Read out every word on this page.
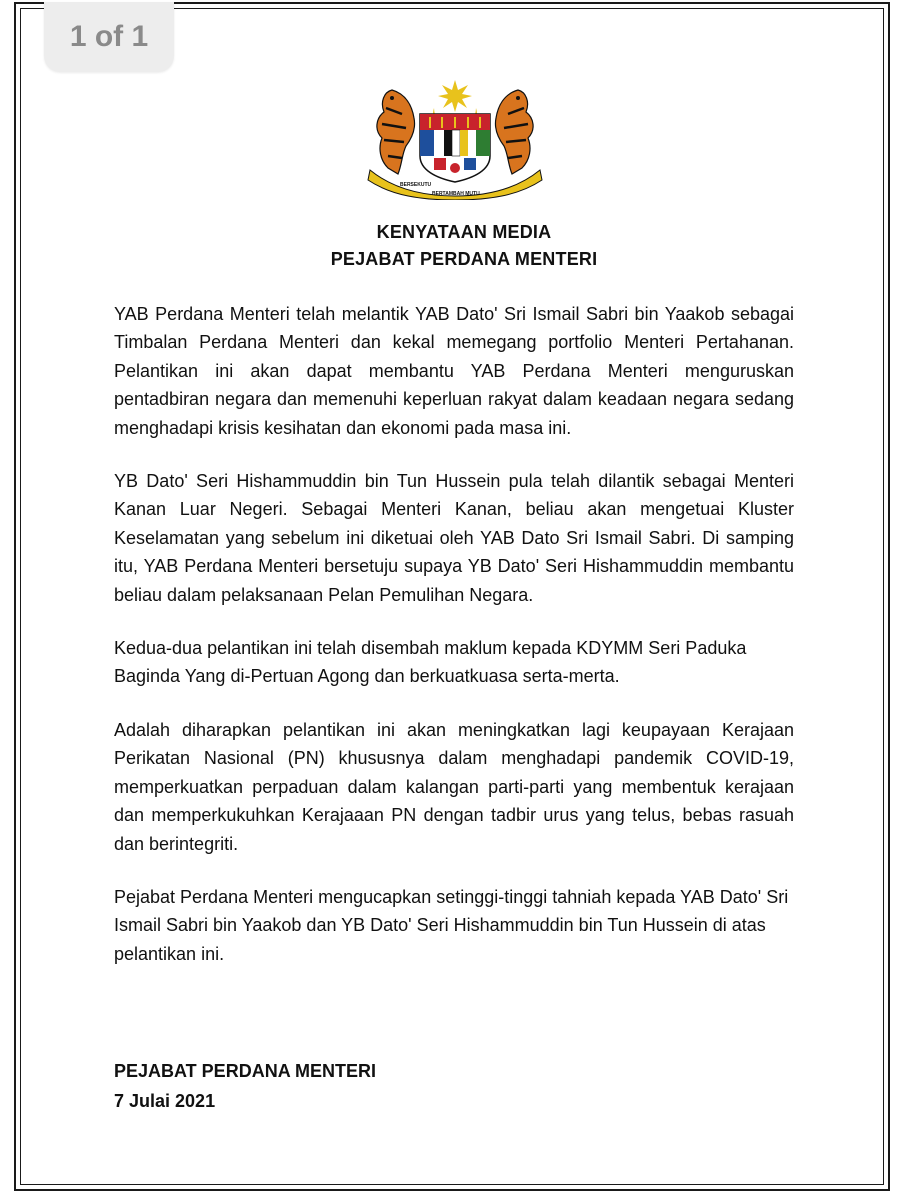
1 of 1
BERSEKUTU
BERTAMBAH MUTU
KENYATAAN MEDIA
PEJABAT PERDANA MENTERI

YAB Perdana Menteri telah melantik YAB Dato' Sri Ismail Sabri bin Yaakob sebagai Timbalan Perdana Menteri dan kekal memegang portfolio Menteri Pertahanan. Pelantikan ini akan dapat membantu YAB Perdana Menteri menguruskan pentadbiran negara dan memenuhi keperluan rakyat dalam keadaan negara sedang menghadapi krisis kesihatan dan ekonomi pada masa ini.

YB Dato' Seri Hishammuddin bin Tun Hussein pula telah dilantik sebagai Menteri Kanan Luar Negeri. Sebagai Menteri Kanan, beliau akan mengetuai Kluster Keselamatan yang sebelum ini diketuai oleh YAB Dato Sri Ismail Sabri. Di samping itu, YAB Perdana Menteri bersetuju supaya YB Dato' Seri Hishammuddin membantu beliau dalam pelaksanaan Pelan Pemulihan Negara.

Kedua-dua pelantikan ini telah disembah maklum kepada KDYMM Seri Paduka Baginda Yang di-Pertuan Agong dan berkuatkuasa serta-merta.

Adalah diharapkan pelantikan ini akan meningkatkan lagi keupayaan Kerajaan Perikatan Nasional (PN) khususnya dalam menghadapi pandemik COVID-19, memperkuatkan perpaduan dalam kalangan parti-parti yang membentuk kerajaan dan memperkukuhkan Kerajaaan PN dengan tadbir urus yang telus, bebas rasuah dan berintegriti.

Pejabat Perdana Menteri mengucapkan setinggi-tinggi tahniah kepada YAB Dato' Sri Ismail Sabri bin Yaakob dan YB Dato' Seri Hishammuddin bin Tun Hussein di atas pelantikan ini.

PEJABAT PERDANA MENTERI
7 Julai 2021
